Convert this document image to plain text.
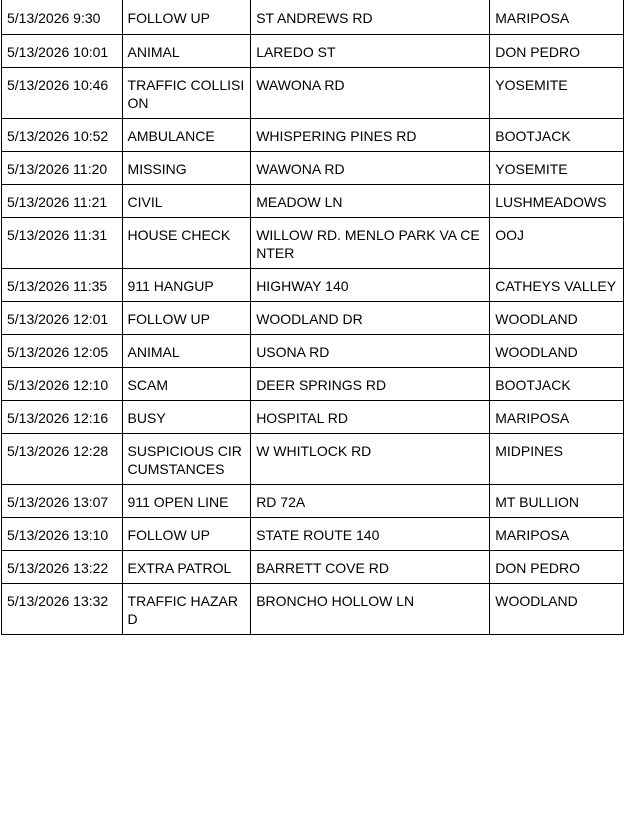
5/13/2026 9:30	FOLLOW UP	ST ANDREWS RD	MARIPOSA
5/13/2026 10:01	ANIMAL	LAREDO ST	DON PEDRO
5/13/2026 10:46	TRAFFIC COLLISION	WAWONA RD	YOSEMITE
5/13/2026 10:52	AMBULANCE	WHISPERING PINES RD	BOOTJACK
5/13/2026 11:20	MISSING	WAWONA RD	YOSEMITE
5/13/2026 11:21	CIVIL	MEADOW LN	LUSHMEADOWS
5/13/2026 11:31	HOUSE CHECK	WILLOW RD. MENLO PARK VA CENTER	OOJ
5/13/2026 11:35	911 HANGUP	HIGHWAY 140	CATHEYS VALLEY
5/13/2026 12:01	FOLLOW UP	WOODLAND DR	WOODLAND
5/13/2026 12:05	ANIMAL	USONA RD	WOODLAND
5/13/2026 12:10	SCAM	DEER SPRINGS RD	BOOTJACK
5/13/2026 12:16	BUSY	HOSPITAL RD	MARIPOSA
5/13/2026 12:28	SUSPICIOUS CIRCUMSTANCES	W WHITLOCK RD	MIDPINES
5/13/2026 13:07	911 OPEN LINE	RD 72A	MT BULLION
5/13/2026 13:10	FOLLOW UP	STATE ROUTE 140	MARIPOSA
5/13/2026 13:22	EXTRA PATROL	BARRETT COVE RD	DON PEDRO
5/13/2026 13:32	TRAFFIC HAZARD	BRONCHO HOLLOW LN	WOODLAND
